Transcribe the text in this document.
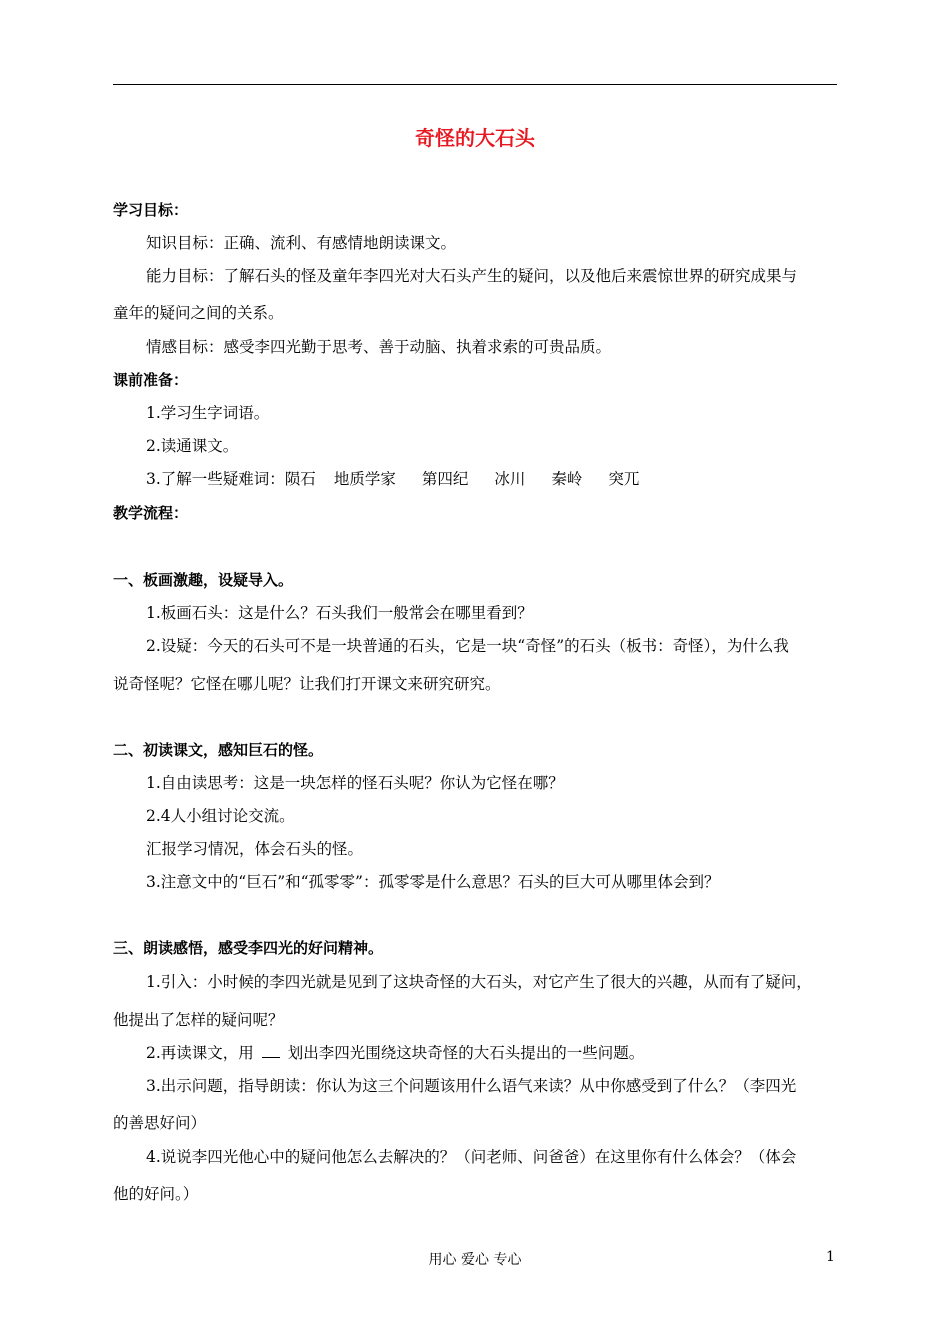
奇怪的大石头
学习目标：
知识目标：正确、流利、有感情地朗读课文。
能力目标：了解石头的怪及童年李四光对大石头产生的疑问，以及他后来震惊世界的研究成果与
童年的疑问之间的关系。
情感目标：感受李四光勤于思考、善于动脑、执着求索的可贵品质。
课前准备：
1.学习生字词语。
2.读通课文。
3.了解一些疑难词：陨石 地质学家 第四纪 冰川 秦岭 突兀
教学流程：
一、板画激趣，设疑导入。
1.板画石头：这是什么？石头我们一般常会在哪里看到？
2.设疑：今天的石头可不是一块普通的石头，它是一块“奇怪”的石头（板书：奇怪），为什么我
说奇怪呢？它怪在哪儿呢？让我们打开课文来研究研究。
二、初读课文，感知巨石的怪。
1.自由读思考：这是一块怎样的怪石头呢？你认为它怪在哪？
2.4人小组讨论交流。
汇报学习情况，体会石头的怪。
3.注意文中的“巨石”和“孤零零”：孤零零是什么意思？石头的巨大可从哪里体会到？
三、朗读感悟，感受李四光的好问精神。
1.引入：小时候的李四光就是见到了这块奇怪的大石头，对它产生了很大的兴趣，从而有了疑问，
他提出了怎样的疑问呢？
2.再读课文，用 划出李四光围绕这块奇怪的大石头提出的一些问题。
3.出示问题，指导朗读：你认为这三个问题该用什么语气来读？从中你感受到了什么？（李四光
的善思好问）
4.说说李四光他心中的疑问他怎么去解决的？（问老师、问爸爸）在这里你有什么体会？（体会
他的好问。）
用心 爱心 专心	1
